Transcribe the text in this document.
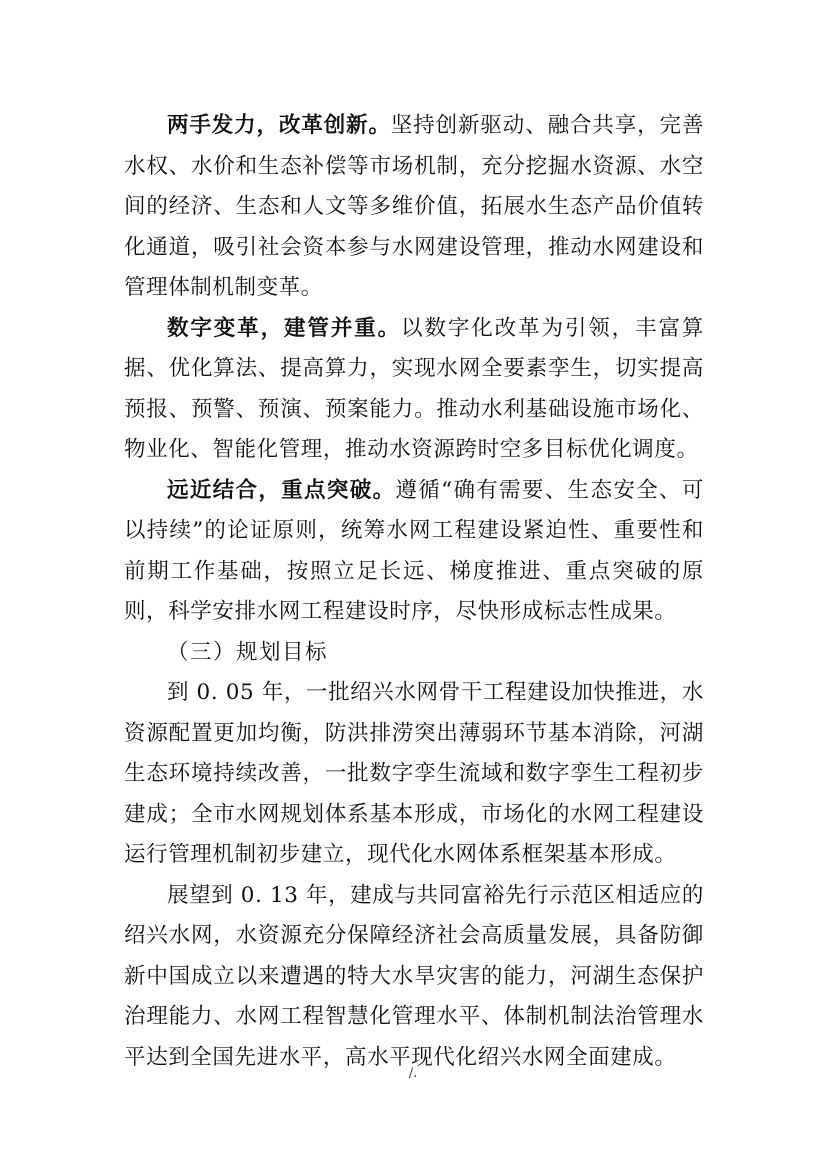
两手发力，改革创新。坚持创新驱动、融合共享，完善水权、水价和生态补偿等市场机制，充分挖掘水资源、水空间的经济、生态和人文等多维价值，拓展水生态产品价值转化通道，吸引社会资本参与水网建设管理，推动水网建设和管理体制机制变革。

数字变革，建管并重。以数字化改革为引领，丰富算据、优化算法、提高算力，实现水网全要素孪生，切实提高预报、预警、预演、预案能力。推动水利基础设施市场化、物业化、智能化管理，推动水资源跨时空多目标优化调度。

远近结合，重点突破。遵循“确有需要、生态安全、可以持续”的论证原则，统筹水网工程建设紧迫性、重要性和前期工作基础，按照立足长远、梯度推进、重点突破的原则，科学安排水网工程建设时序，尽快形成标志性成果。

（三）规划目标

到 0. 05 年，一批绍兴水网骨干工程建设加快推进，水资源配置更加均衡，防洪排涝突出薄弱环节基本消除，河湖生态环境持续改善，一批数字孪生流域和数字孪生工程初步建成；全市水网规划体系基本形成，市场化的水网工程建设运行管理机制初步建立，现代化水网体系框架基本形成。

展望到 0. 13 年，建成与共同富裕先行示范区相适应的绍兴水网，水资源充分保障经济社会高质量发展，具备防御新中国成立以来遭遇的特大水旱灾害的能力，河湖生态保护治理能力、水网工程智慧化管理水平、体制机制法治管理水平达到全国先进水平，高水平现代化绍兴水网全面建成。

/.
